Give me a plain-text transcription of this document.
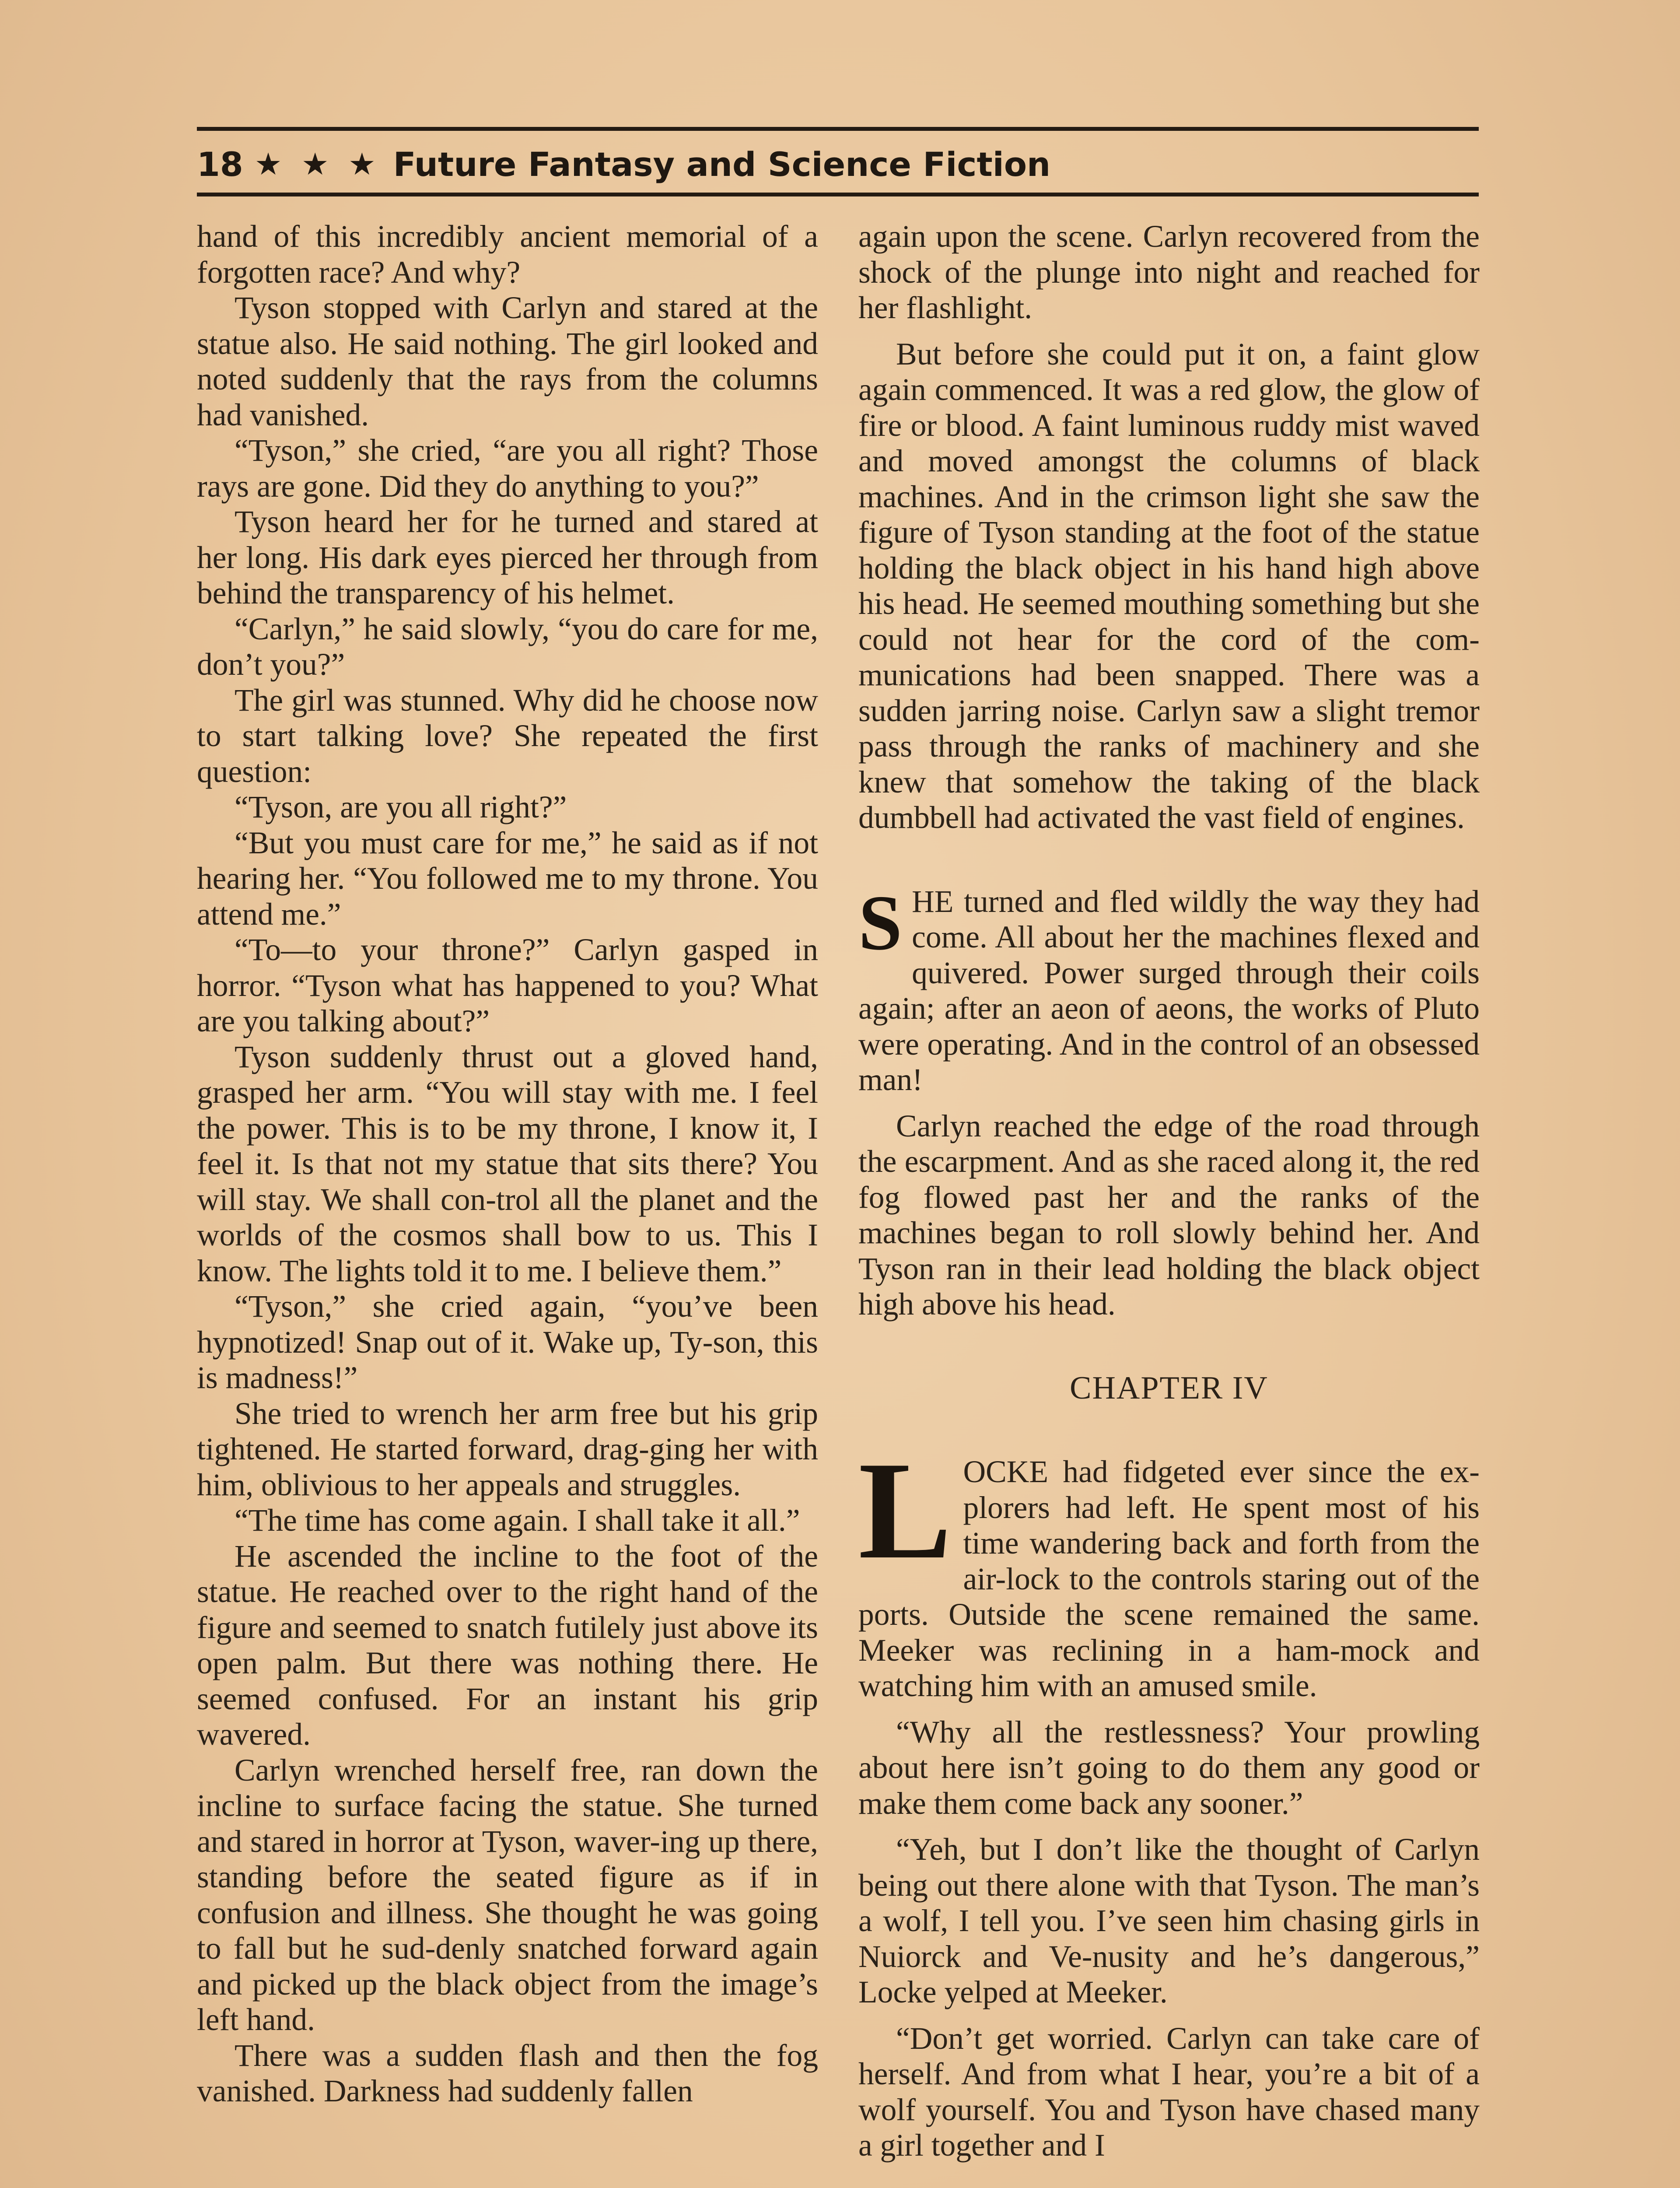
18 ★ ★ ★ Future Fantasy and Science Fiction

hand of this incredibly ancient memorial of a forgotten race? And why?

Tyson stopped with Carlyn and stared at the statue also. He said nothing. The girl looked and noted suddenly that the rays from the columns had vanished.

“Tyson,” she cried, “are you all right? Those rays are gone. Did they do anything to you?”

Tyson heard her for he turned and stared at her long. His dark eyes pierced her through from behind the transparency of his helmet.

“Carlyn,” he said slowly, “you do care for me, don’t you?”

The girl was stunned. Why did he choose now to start talking love? She repeated the first question:

“Tyson, are you all right?”

“But you must care for me,” he said as if not hearing her. “You followed me to my throne. You attend me.”

“To—to your throne?” Carlyn gasped in horror. “Tyson what has happened to you? What are you talking about?”

Tyson suddenly thrust out a gloved hand, grasped her arm. “You will stay with me. I feel the power. This is to be my throne, I know it, I feel it. Is that not my statue that sits there? You will stay. We shall con-trol all the planet and the worlds of the cosmos shall bow to us. This I know. The lights told it to me. I believe them.”

“Tyson,” she cried again, “you’ve been hypnotized! Snap out of it. Wake up, Ty-son, this is madness!”

She tried to wrench her arm free but his grip tightened. He started forward, drag-ging her with him, oblivious to her appeals and struggles.

“The time has come again. I shall take it all.”

He ascended the incline to the foot of the statue. He reached over to the right hand of the figure and seemed to snatch futilely just above its open palm. But there was nothing there. He seemed confused. For an instant his grip wavered.

Carlyn wrenched herself free, ran down the incline to surface facing the statue. She turned and stared in horror at Tyson, waver-ing up there, standing before the seated figure as if in confusion and illness. She thought he was going to fall but he sud-denly snatched forward again and picked up the black object from the image’s left hand.

There was a sudden flash and then the fog vanished. Darkness had suddenly fallen

again upon the scene. Carlyn recovered from the shock of the plunge into night and reached for her flashlight.

But before she could put it on, a faint glow again commenced. It was a red glow, the glow of fire or blood. A faint luminous ruddy mist waved and moved amongst the columns of black machines. And in the crimson light she saw the figure of Tyson standing at the foot of the statue holding the black object in his hand high above his head. He seemed mouthing something but she could not hear for the cord of the com-munications had been snapped. There was a sudden jarring noise. Carlyn saw a slight tremor pass through the ranks of machinery and she knew that somehow the taking of the black dumbbell had activated the vast field of engines.

SHE turned and fled wildly the way they had come. All about her the machines flexed and quivered. Power surged through their coils again; after an aeon of aeons, the works of Pluto were operating. And in the control of an obsessed man!

Carlyn reached the edge of the road through the escarpment. And as she raced along it, the red fog flowed past her and the ranks of the machines began to roll slowly behind her. And Tyson ran in their lead holding the black object high above his head.

CHAPTER IV

LOCKE had fidgeted ever since the ex-plorers had left. He spent most of his time wandering back and forth from the air-lock to the controls staring out of the ports. Outside the scene remained the same. Meeker was reclining in a ham-mock and watching him with an amused smile.

“Why all the restlessness? Your prowling about here isn’t going to do them any good or make them come back any sooner.”

“Yeh, but I don’t like the thought of Carlyn being out there alone with that Tyson. The man’s a wolf, I tell you. I’ve seen him chasing girls in Nuiorck and Ve-nusity and he’s dangerous,” Locke yelped at Meeker.

“Don’t get worried. Carlyn can take care of herself. And from what I hear, you’re a bit of a wolf yourself. You and Tyson have chased many a girl together and I
